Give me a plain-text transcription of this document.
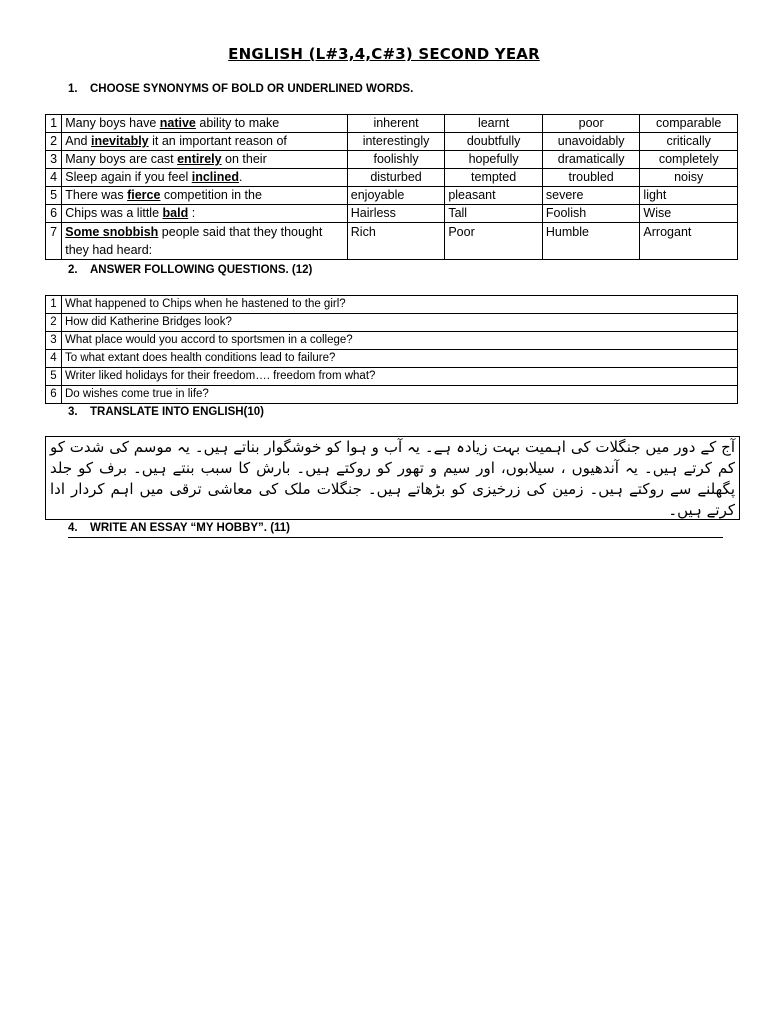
ENGLISH (L#3,4,C#3) SECOND YEAR
1. CHOOSE SYNONYMS OF BOLD OR UNDERLINED WORDS.
1	Many boys have native ability to make	inherent	learnt	poor	comparable
2	And inevitably it an important reason of	interestingly	doubtfully	unavoidably	critically
3	Many boys are cast entirely on their	foolishly	hopefully	dramatically	completely
4	Sleep again if you feel inclined.	disturbed	tempted	troubled	noisy
5	There was fierce competition in the	enjoyable	pleasant	severe	light
6	Chips was a little bald :	Hairless	Tall	Foolish	Wise
7	Some snobbish people said that they thought they had heard:	Rich	Poor	Humble	Arrogant
2. ANSWER FOLLOWING QUESTIONS. (12)
1	What happened to Chips when he hastened to the girl?
2	How did Katherine Bridges look?
3	What place would you accord to sportsmen in a college?
4	To what extant does health conditions lead to failure?
5	Writer liked holidays for their freedom…. freedom from what?
6	Do wishes come true in life?
3. TRANSLATE INTO ENGLISH(10)
آج کے دور میں جنگلات کی اہمیت بہت زیادہ ہے۔ یہ آب و ہوا کو خوشگوار بناتے ہیں۔ یہ موسم کی شدت کو کم کرتے ہیں۔ یہ آندھیوں ، سیلابوں، اور سیم و تھور کو روکتے ہیں۔ بارش کا سبب بنتے ہیں۔ برف کو جلد پگھلنے سے روکتے ہیں۔ زمین کی زرخیزی کو بڑھاتے ہیں۔ جنگلات ملک کی معاشی ترقی میں اہم کردار ادا کرتے ہیں۔
4. WRITE AN ESSAY “MY HOBBY”. (11)
